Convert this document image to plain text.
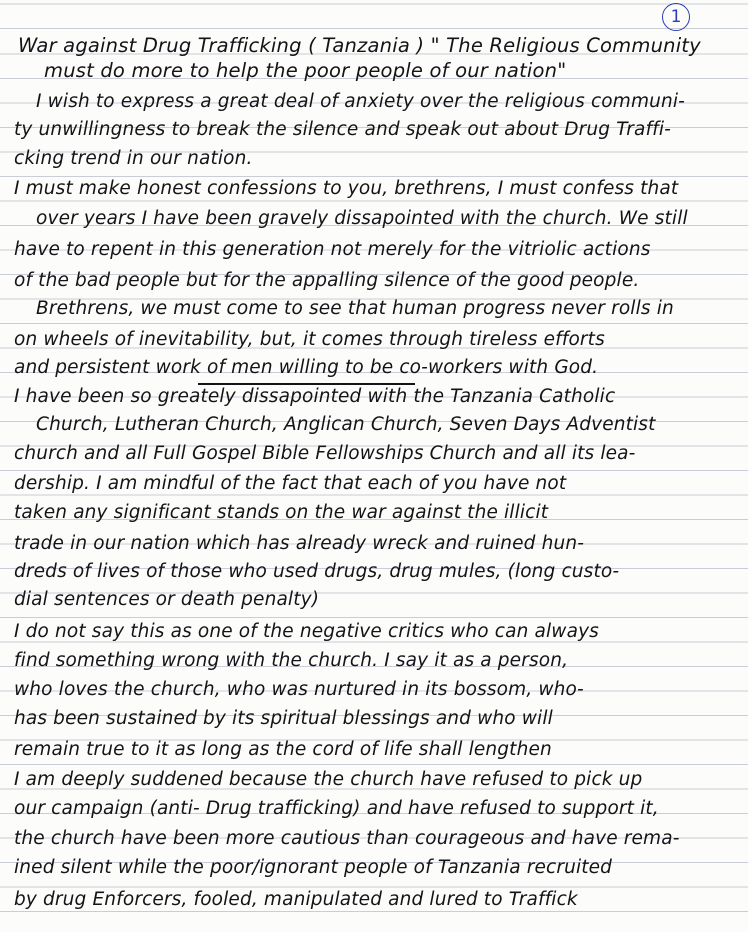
1
War against Drug Trafficking ( Tanzania ) " The Religious Community
must do more to help the poor people of our nation"
I wish to express a great deal of anxiety over the religious communi-
ty unwillingness to break the silence and speak out about Drug Traffi-
cking trend in our nation.
I must make honest confessions to you, brethrens, I must confess that
over years I have been gravely dissapointed with the church. We still
have to repent in this generation not merely for the vitriolic actions
of the bad people but for the appalling silence of the good people.
Brethrens, we must come to see that human progress never rolls in
on wheels of inevitability, but, it comes through tireless efforts
and persistent work of men willing to be co-workers with God.
I have been so greately dissapointed with the Tanzania Catholic
Church, Lutheran Church, Anglican Church, Seven Days Adventist
church and all Full Gospel Bible Fellowships Church and all its lea-
dership. I am mindful of the fact that each of you have not
taken any significant stands on the war against the illicit
trade in our nation which has already wreck and ruined hun-
dreds of lives of those who used drugs, drug mules, (long custo-
dial sentences or death penalty)
I do not say this as one of the negative critics who can always
find something wrong with the church. I say it as a person,
who loves the church, who was nurtured in its bossom, who-
has been sustained by its spiritual blessings and who will
remain true to it as long as the cord of life shall lengthen
I am deeply suddened because the church have refused to pick up
our campaign (anti- Drug trafficking) and have refused to support it,
the church have been more cautious than courageous and have rema-
ined silent while the poor/ignorant people of Tanzania recruited
by drug Enforcers, fooled, manipulated and lured to Traffick
